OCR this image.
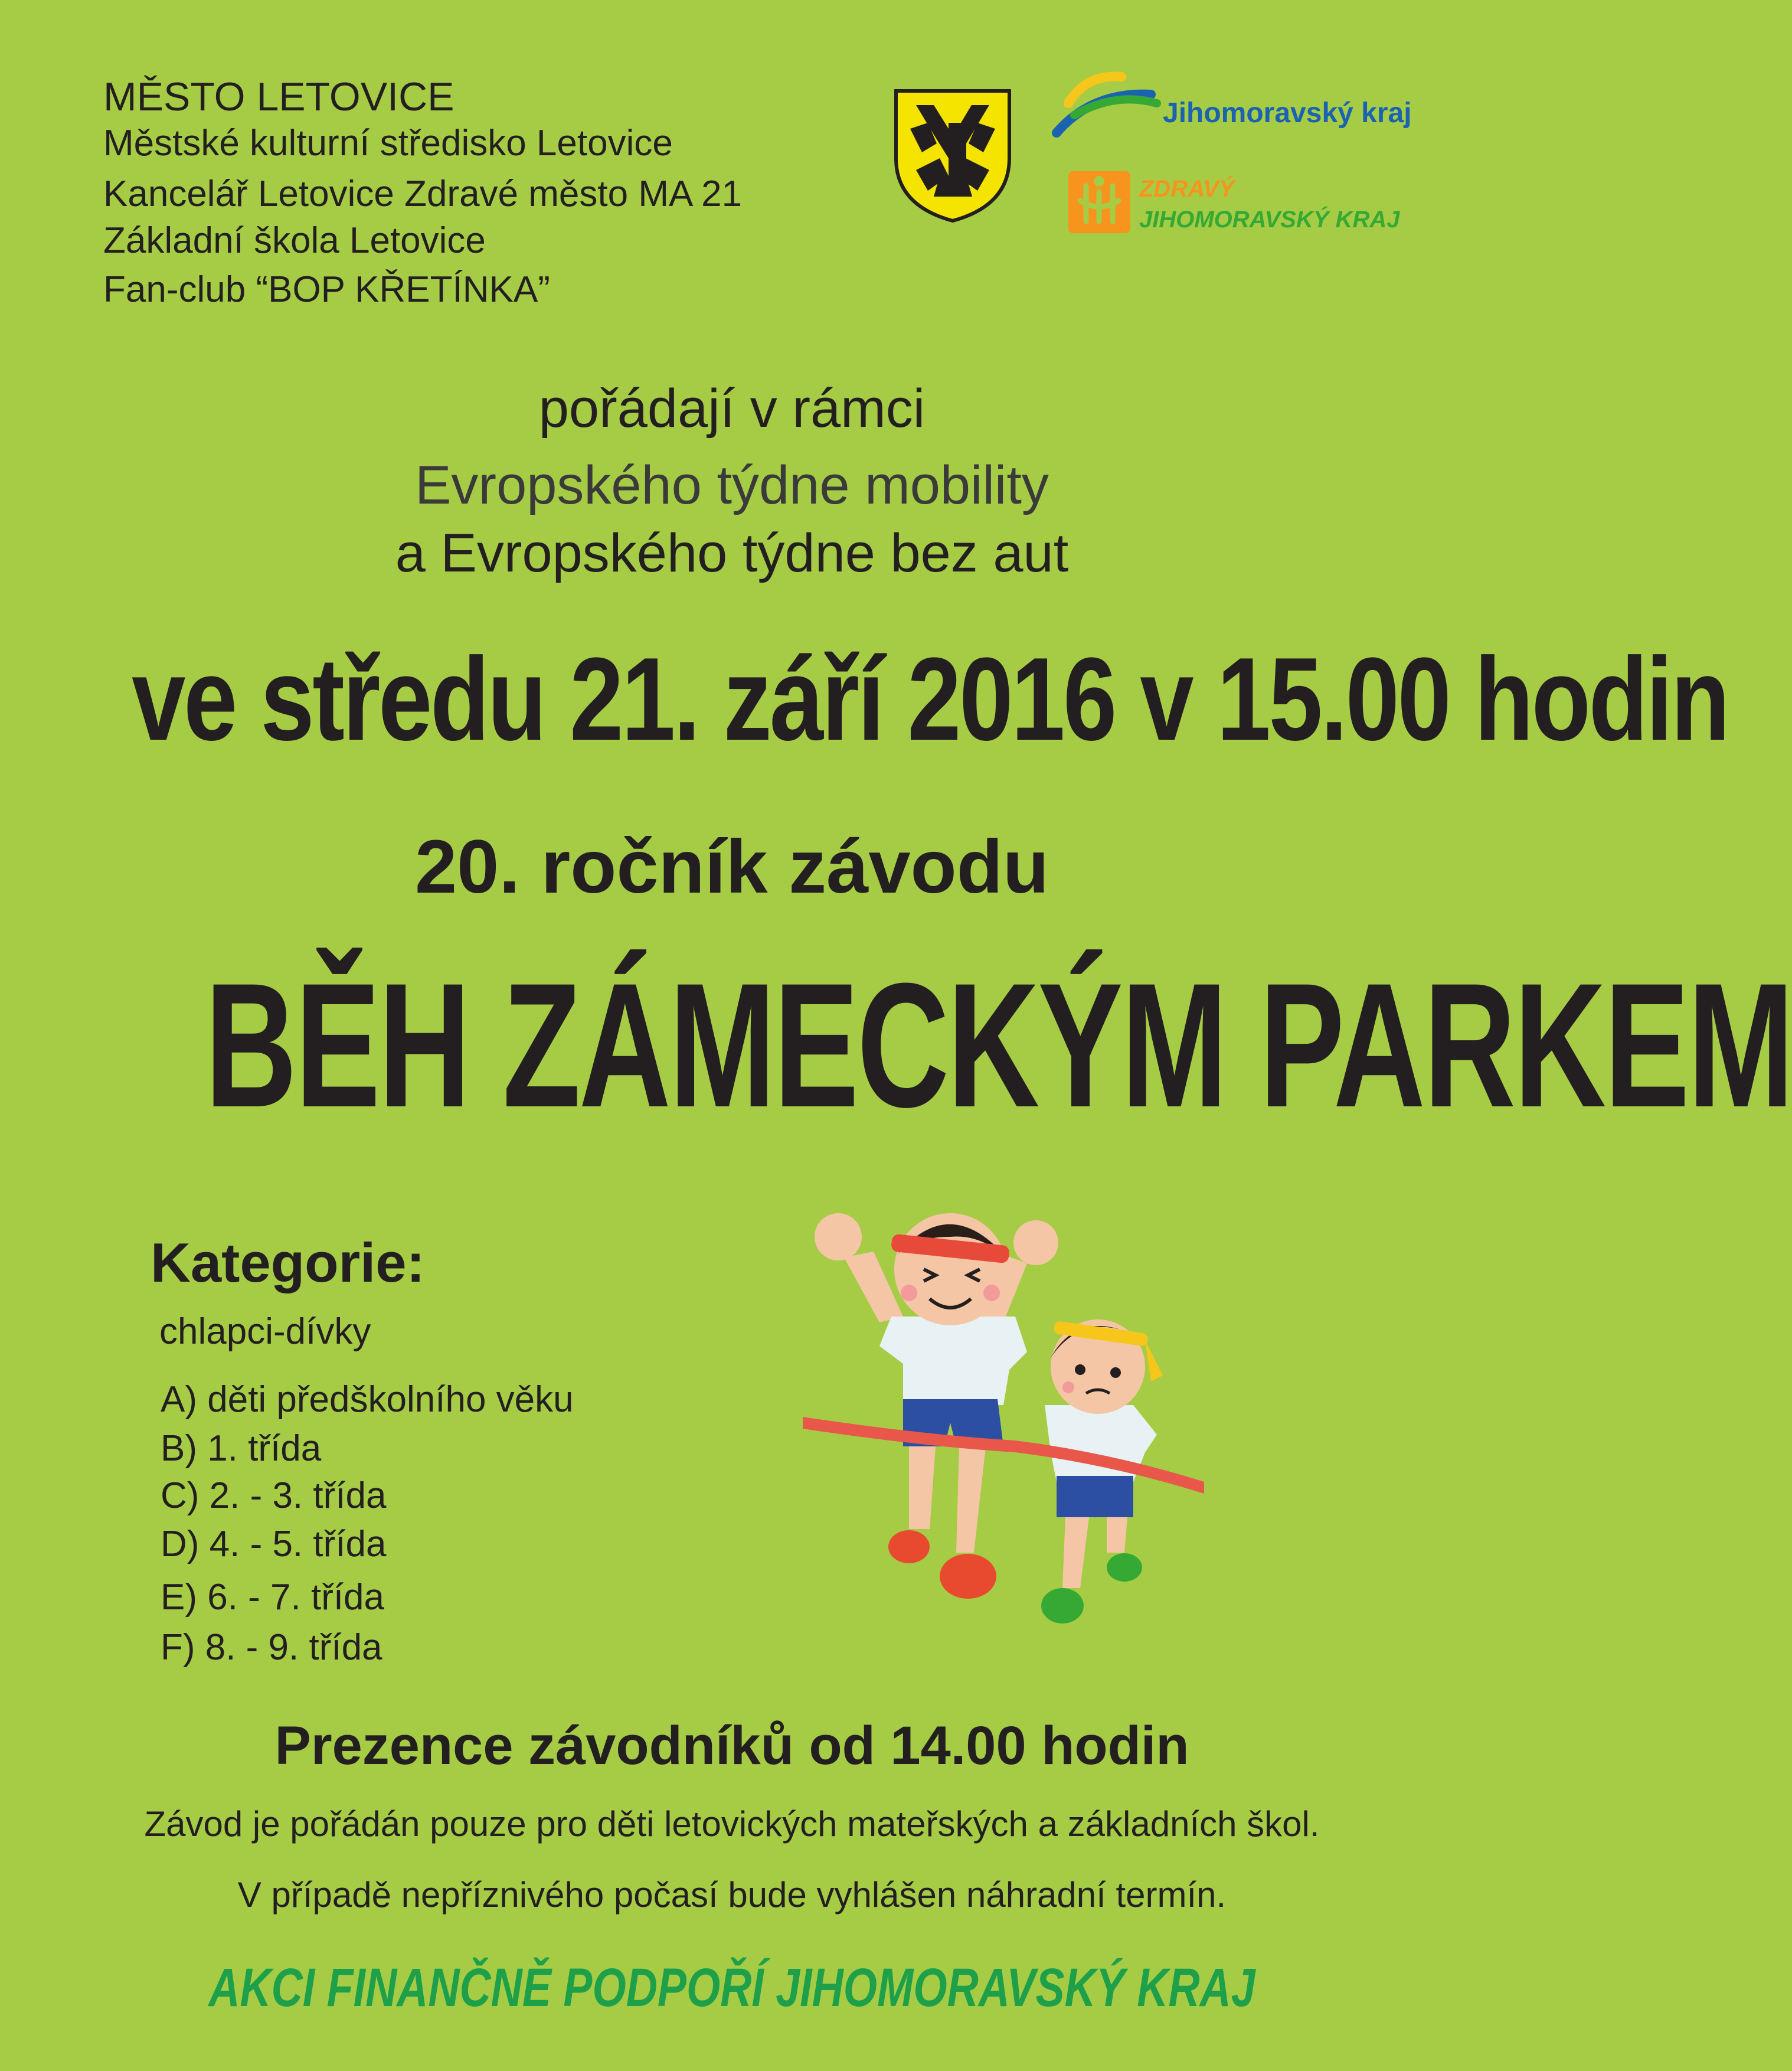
MĚSTO LETOVICE
Městské kulturní středisko Letovice
Kancelář Letovice Zdravé město MA 21
Základní škola Letovice
Fan-club “BOP KŘETÍNKA”
Jihomoravský kraj
ZDRAVÝ
JIHOMORAVSKÝ KRAJ
pořádají v rámci
Evropského týdne mobility
a Evropského týdne bez aut
ve středu 21. září 2016 v 15.00 hodin
20. ročník závodu
BĚH ZÁMECKÝM PARKEM
Kategorie:
chlapci-dívky
A) děti předškolního věku
B) 1. třída
C) 2. - 3. třída
D) 4. - 5. třída
E) 6. - 7. třída
F) 8. - 9. třída
Prezence závodníků od 14.00 hodin
Závod je pořádán pouze pro děti letovických mateřských a základních škol.
V případě nepříznivého počasí bude vyhlášen náhradní termín.
AKCI FINANČNĚ PODPOŘÍ JIHOMORAVSKÝ KRAJ
